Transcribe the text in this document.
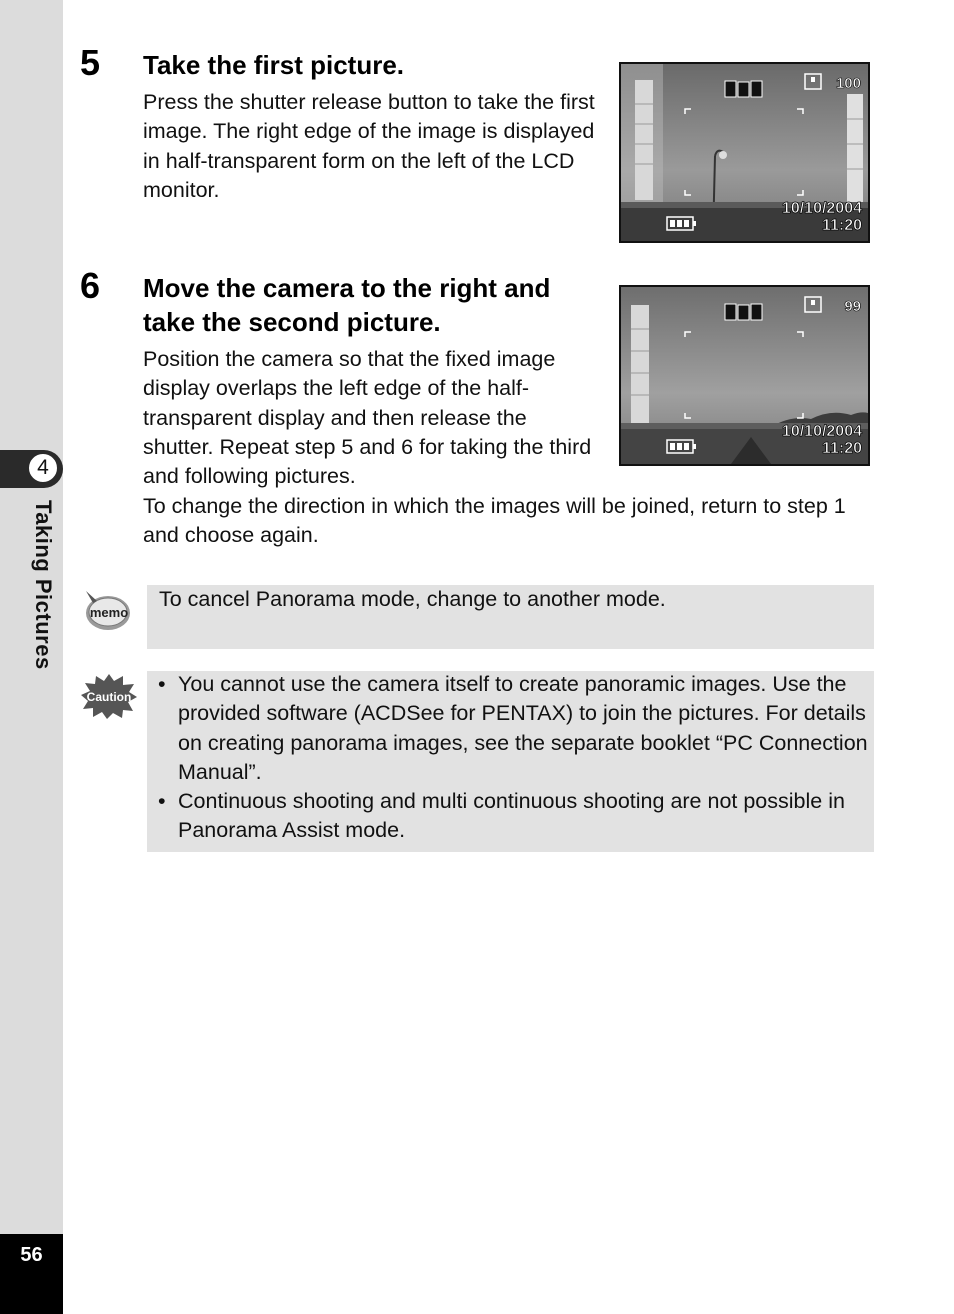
4
Taking Pictures
56
5 Take the first picture.
Press the shutter release button to take the first image. The right edge of the image is displayed in half-transparent form on the left of the LCD monitor.
100
10/10/2004
11:20
6 Move the camera to the right and
take the second picture.
Position the camera so that the fixed image display overlaps the left edge of the half-transparent display and then release the shutter. Repeat step 5 and 6 for taking the third and following pictures.
To change the direction in which the images will be joined, return to step 1 and choose again.
99
10/10/2004
11:20
memo
To cancel Panorama mode, change to another mode.
Caution
• You cannot use the camera itself to create panoramic images. Use the provided software (ACDSee for PENTAX) to join the pictures. For details on creating panorama images, see the separate booklet “PC Connection Manual”.
• Continuous shooting and multi continuous shooting are not possible in Panorama Assist mode.
